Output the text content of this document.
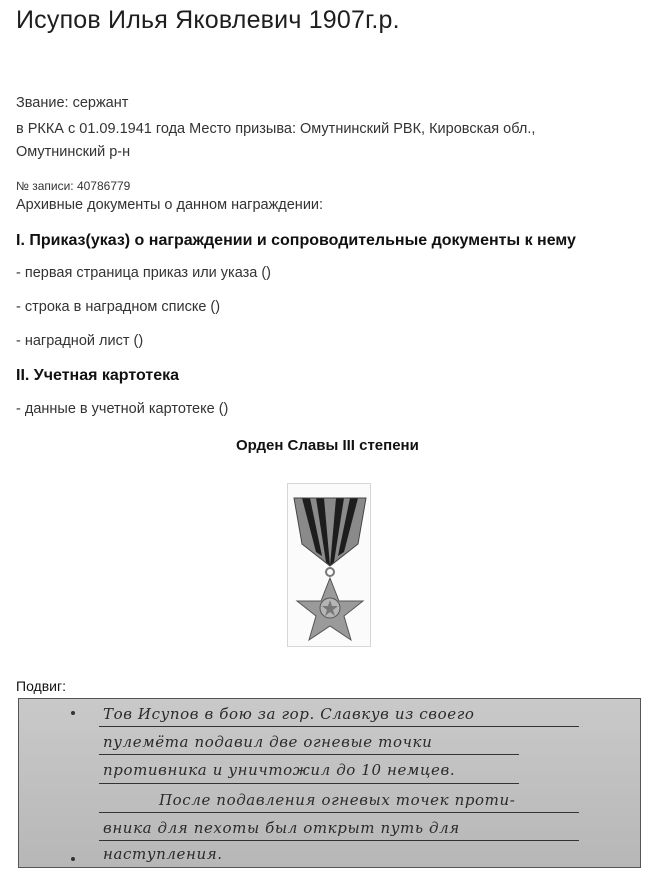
Исупов Илья Яковлевич 1907г.р.
Звание: сержант
в РККА с 01.09.1941 года Место призыва: Омутнинский РВК, Кировская обл.,
Омутнинский р-н
№ записи: 40786779
Архивные документы о данном награждении:
I. Приказ(указ) о награждении и сопроводительные документы к нему
- первая страница приказ или указа ()
- строка в наградном списке ()
- наградной лист ()
II. Учетная картотека
- данные в учетной картотеке ()
Орден Славы III степени
Подвиг:
Тов Исупов в бою за гор. Славкув из своего
пулемёта подавил две огневые точки
противника и уничтожил до 10 немцев.
После подавления огневых точек проти-
вника для пехоты был открыт путь для
наступления.
